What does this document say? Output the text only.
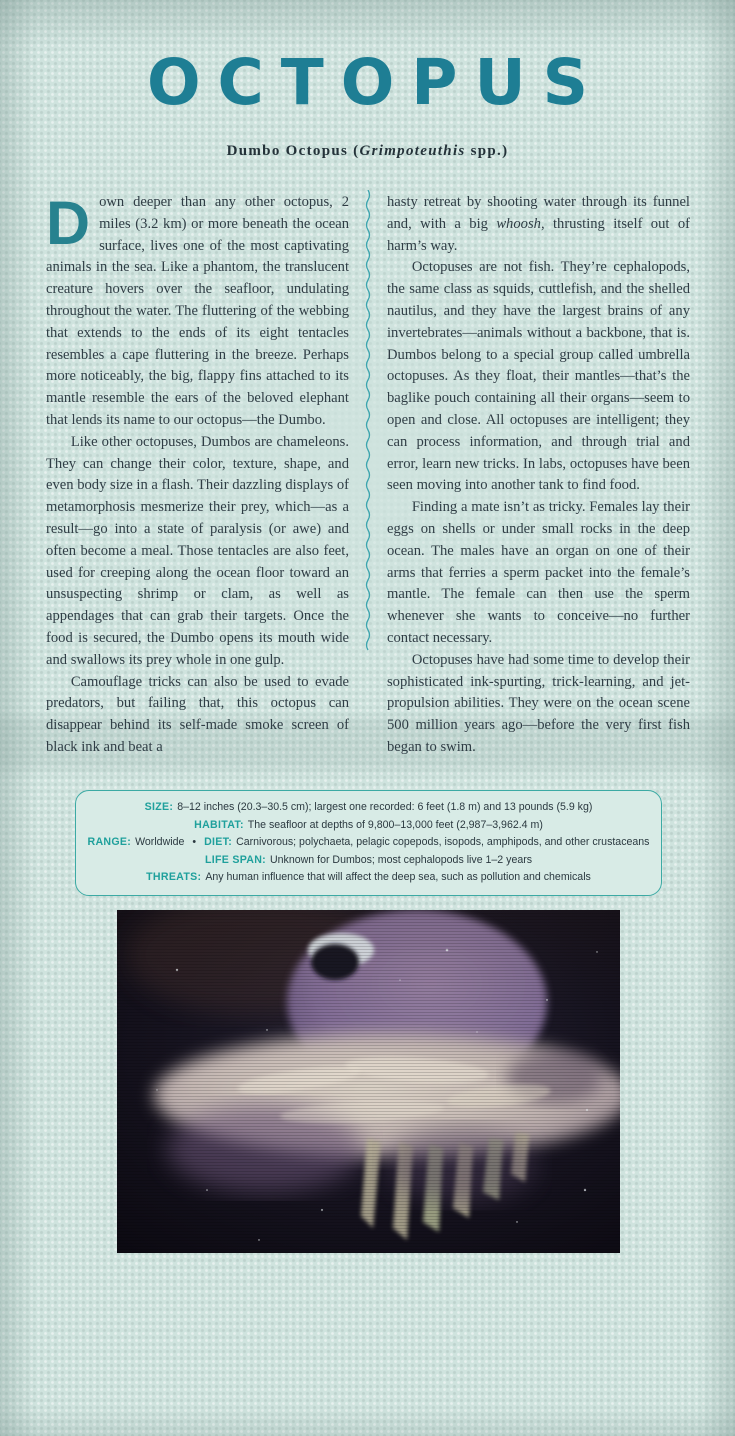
OCTOPUS
Dumbo Octopus (Grimpoteuthis spp.)

Down deeper than any other octopus, 2 miles (3.2 km) or more beneath the ocean surface, lives one of the most captivating animals in the sea. Like a phantom, the translucent creature hovers over the seafloor, undulating throughout the water. The fluttering of the webbing that extends to the ends of its eight tentacles resembles a cape fluttering in the breeze. Perhaps more noticeably, the big, flappy fins attached to its mantle resemble the ears of the beloved elephant that lends its name to our octopus—the Dumbo.

Like other octopuses, Dumbos are chameleons. They can change their color, texture, shape, and even body size in a flash. Their dazzling displays of metamorphosis mesmerize their prey, which—as a result—go into a state of paralysis (or awe) and often become a meal. Those tentacles are also feet, used for creeping along the ocean floor toward an unsuspecting shrimp or clam, as well as appendages that can grab their targets. Once the food is secured, the Dumbo opens its mouth wide and swallows its prey whole in one gulp.

Camouflage tricks can also be used to evade predators, but failing that, this octopus can disappear behind its self-made smoke screen of black ink and beat a

hasty retreat by shooting water through its funnel and, with a big whoosh, thrusting itself out of harm’s way.

Octopuses are not fish. They’re cephalopods, the same class as squids, cuttlefish, and the shelled nautilus, and they have the largest brains of any invertebrates—animals without a backbone, that is. Dumbos belong to a special group called umbrella octopuses. As they float, their mantles—that’s the baglike pouch containing all their organs—seem to open and close. All octopuses are intelligent; they can process information, and through trial and error, learn new tricks. In labs, octopuses have been seen moving into another tank to find food.

Finding a mate isn’t as tricky. Females lay their eggs on shells or under small rocks in the deep ocean. The males have an organ on one of their arms that ferries a sperm packet into the female’s mantle. The female can then use the sperm whenever she wants to conceive—no further contact necessary.

Octopuses have had some time to develop their sophisticated ink-spurting, trick-learning, and jet-propulsion abilities. They were on the ocean scene 500 million years ago—before the very first fish began to swim.

SIZE: 8–12 inches (20.3–30.5 cm); largest one recorded: 6 feet (1.8 m) and 13 pounds (5.9 kg)
HABITAT: The seafloor at depths of 9,800–13,000 feet (2,987–3,962.4 m)
RANGE: Worldwide • DIET: Carnivorous; polychaeta, pelagic copepods, isopods, amphipods, and other crustaceans
LIFE SPAN: Unknown for Dumbos; most cephalopods live 1–2 years
THREATS: Any human influence that will affect the deep sea, such as pollution and chemicals
